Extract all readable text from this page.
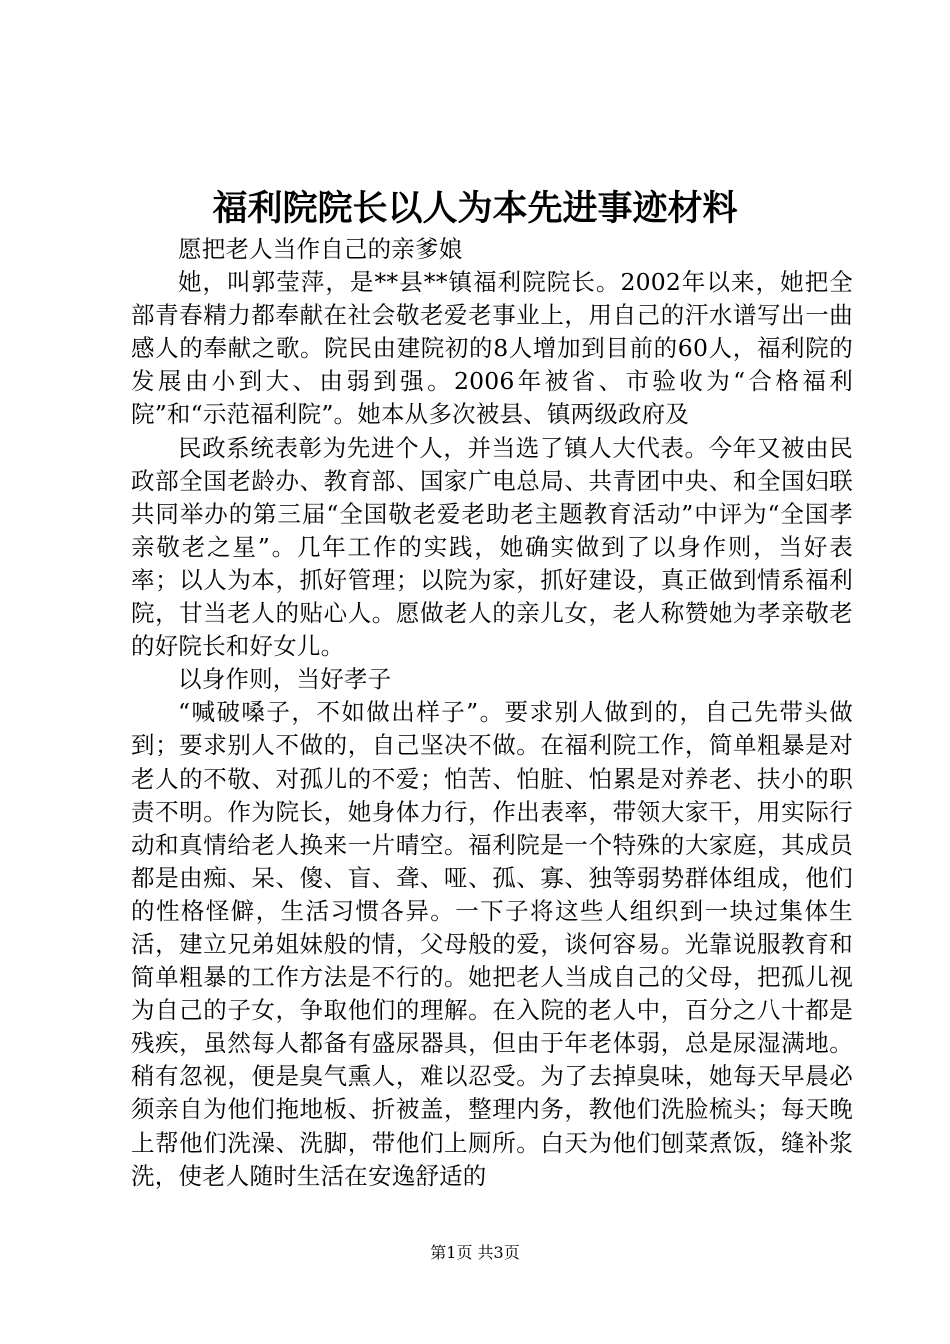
福利院院长以人为本先进事迹材料

愿把老人当作自己的亲爹娘

她，叫郭莹萍，是**县**镇福利院院长。2002年以来，她把全部青春精力都奉献在社会敬老爱老事业上，用自己的汗水谱写出一曲感人的奉献之歌。院民由建院初的8人增加到目前的60人，福利院的发展由小到大、由弱到强。2006年被省、市验收为“合格福利院”和“示范福利院”。她本从多次被县、镇两级政府及

民政系统表彰为先进个人，并当选了镇人大代表。今年又被由民政部全国老龄办、教育部、国家广电总局、共青团中央、和全国妇联共同举办的第三届“全国敬老爱老助老主题教育活动”中评为“全国孝亲敬老之星”。几年工作的实践，她确实做到了以身作则，当好表率；以人为本，抓好管理；以院为家，抓好建设，真正做到情系福利院，甘当老人的贴心人。愿做老人的亲儿女，老人称赞她为孝亲敬老的好院长和好女儿。

以身作则，当好孝子

“喊破嗓子，不如做出样子”。要求别人做到的，自己先带头做到；要求别人不做的，自己坚决不做。在福利院工作，简单粗暴是对老人的不敬、对孤儿的不爱；怕苦、怕脏、怕累是对养老、扶小的职责不明。作为院长，她身体力行，作出表率，带领大家干，用实际行动和真情给老人换来一片晴空。福利院是一个特殊的大家庭，其成员都是由痴、呆、傻、盲、聋、哑、孤、寡、独等弱势群体组成，他们的性格怪僻，生活习惯各异。一下子将这些人组织到一块过集体生活，建立兄弟姐妹般的情，父母般的爱，谈何容易。光靠说服教育和简单粗暴的工作方法是不行的。她把老人当成自己的父母，把孤儿视为自己的子女，争取他们的理解。在入院的老人中，百分之八十都是残疾，虽然每人都备有盛尿器具，但由于年老体弱，总是尿湿满地。稍有忽视，便是臭气熏人，难以忍受。为了去掉臭味，她每天早晨必须亲自为他们拖地板、折被盖，整理内务，教他们洗脸梳头；每天晚上帮他们洗澡、洗脚，带他们上厕所。白天为他们刨菜煮饭，缝补浆洗，使老人随时生活在安逸舒适的

第1页 共3页
